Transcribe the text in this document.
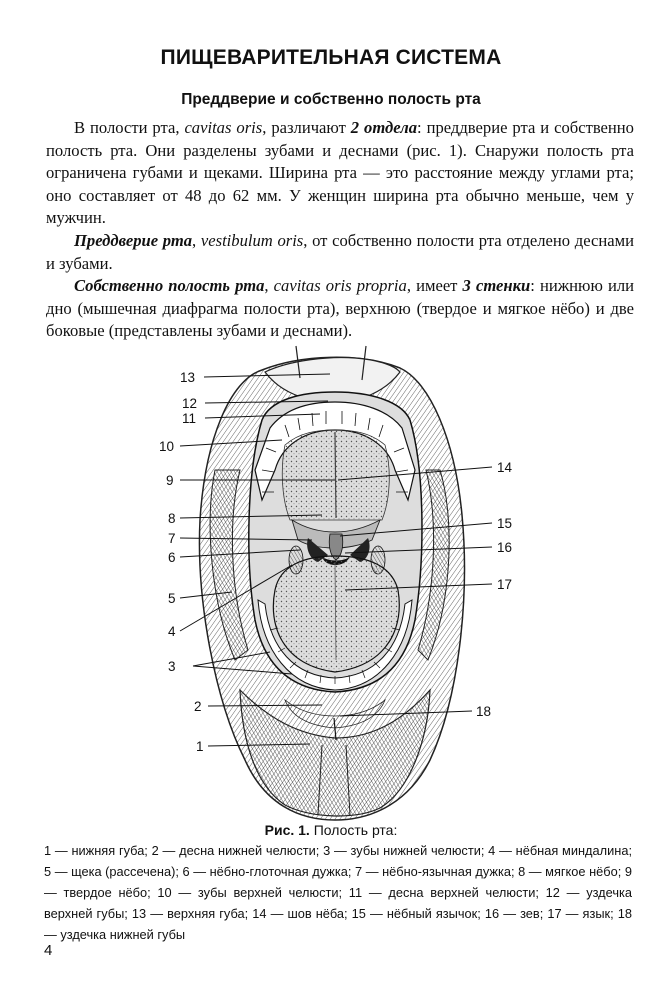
ПИЩЕВАРИТЕЛЬНАЯ СИСТЕМА
Преддверие и собственно полость рта

В полости рта, cavitas oris, различают 2 отдела: преддверие рта и собственно полость рта. Они разделены зубами и деснами (рис. 1). Снаружи полость рта ограничена губами и щеками. Ширина рта — это расстояние между углами рта; оно составляет от 48 до 62 мм. У женщин ширина рта обычно меньше, чем у мужчин.

Преддверие рта, vestibulum oris, от собственно полости рта отделено деснами и зубами.

Собственно полость рта, cavitas oris propria, имеет 3 стенки: нижнюю или дно (мышечная диафрагма полости рта), верхнюю (твердое и мягкое нёбо) и две боковые (представлены зубами и деснами).

13
12
11
10
9
8
7
6
5
4
3
2
1
14
15
16
17
18
Рис. 1. Полость рта:
1 — нижняя губа; 2 — десна нижней челюсти; 3 — зубы нижней челюсти; 4 — нёбная миндалина; 5 — щека (рассечена); 6 — нёбно-глоточная дужка; 7 — нёбно-язычная дужка; 8 — мягкое нёбо; 9 — твердое нёбо; 10 — зубы верхней челюсти; 11 — десна верхней челюсти; 12 — уздечка верхней губы; 13 — верхняя губа; 14 — шов нёба; 15 — нёбный язычок; 16 — зев; 17 — язык; 18 — уздечка нижней губы
4
